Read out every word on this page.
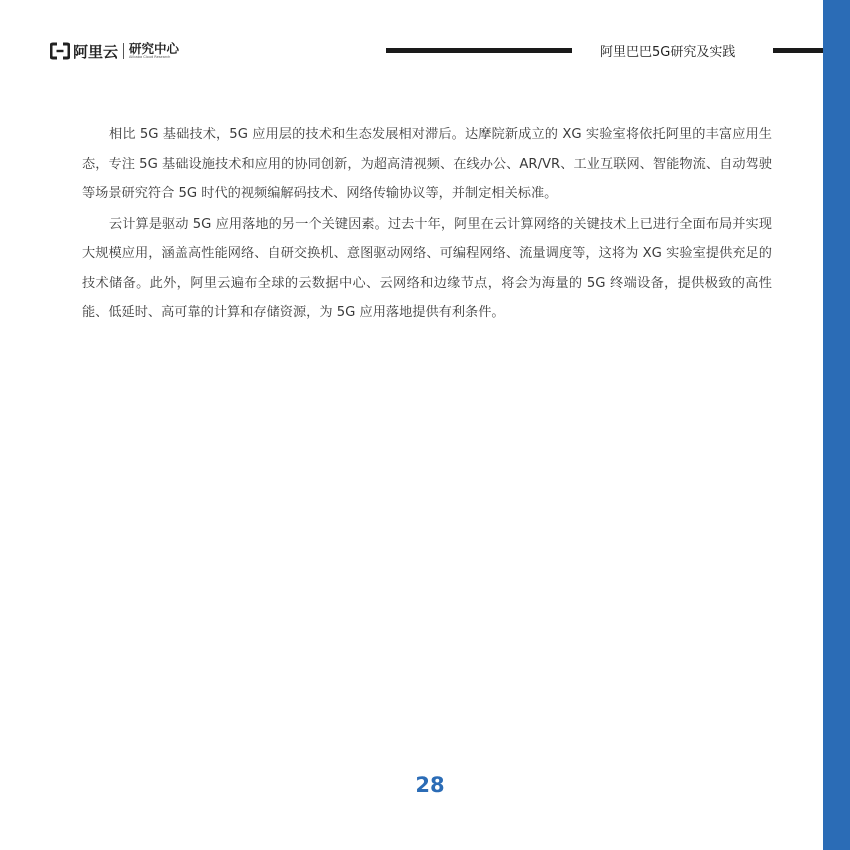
阿里云 研究中心
Alibaba Cloud Research	阿里巴巴5G研究及实践

相比 5G 基础技术，5G 应用层的技术和生态发展相对滞后。达摩院新成立的 XG 实验室将依托阿里的丰富应用生态，专注 5G 基础设施技术和应用的协同创新，为超高清视频、在线办公、AR/VR、工业互联网、智能物流、自动驾驶等场景研究符合 5G 时代的视频编解码技术、网络传输协议等，并制定相关标准。

云计算是驱动 5G 应用落地的另一个关键因素。过去十年，阿里在云计算网络的关键技术上已进行全面布局并实现大规模应用，涵盖高性能网络、自研交换机、意图驱动网络、可编程网络、流量调度等，这将为 XG 实验室提供充足的技术储备。此外，阿里云遍布全球的云数据中心、云网络和边缘节点，将会为海量的 5G 终端设备，提供极致的高性能、低延时、高可靠的计算和存储资源，为 5G 应用落地提供有利条件。

28
